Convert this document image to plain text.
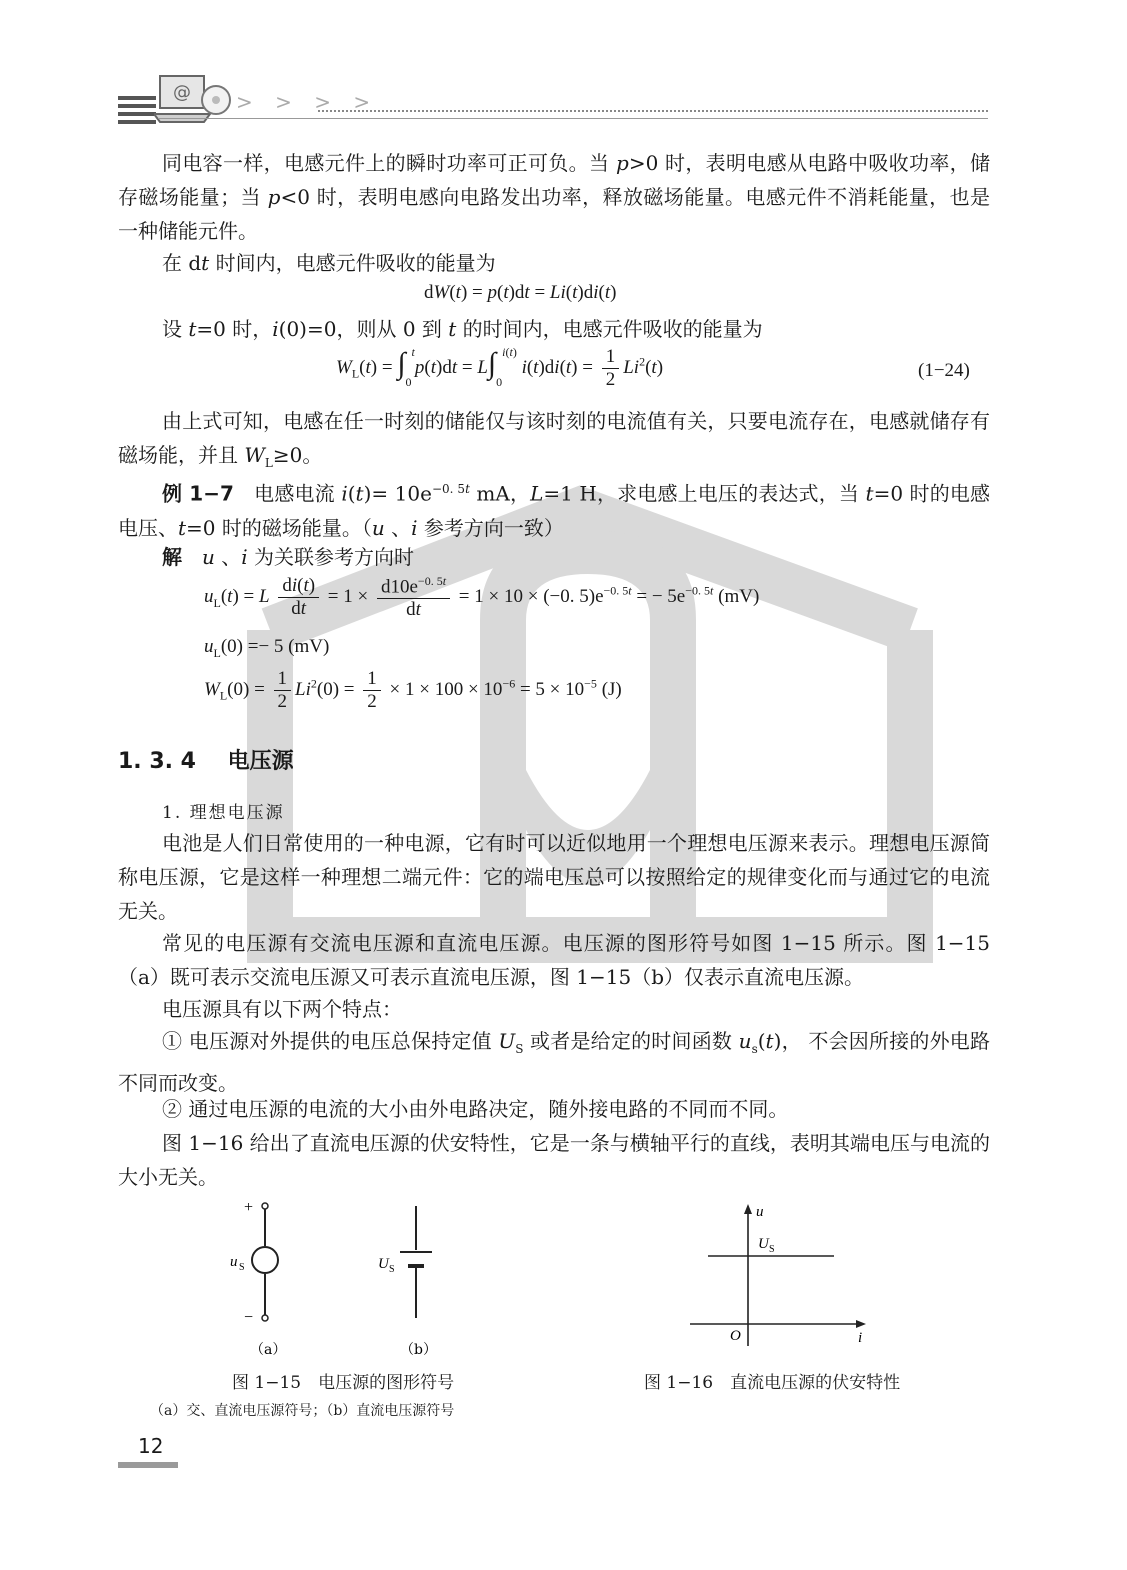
@ > > > >

同电容一样，电感元件上的瞬时功率可正可负。当 p>0 时，表明电感从电路中吸收功率，储存磁场能量；当 p<0 时，表明电感向电路发出功率，释放磁场能量。电感元件不消耗能量，也是一种储能元件。

在 dt 时间内，电感元件吸收的能量为

dW(t) = p(t)dt = Li(t)di(t)

设 t=0 时，i(0)=0，则从 0 到 t 的时间内，电感元件吸收的能量为

$W_L(t) = \int_0^tp(t)dt = L\int_0^{i(t)}$ $i(t)di(t) = \frac{1}{2} Li^2(t)$	(1−24)

由上式可知，电感在任一时刻的储能仅与该时刻的电流值有关，只要电流存在，电感就储存有磁场能，并且 $W_L\ge 0$。

例 1−7　电感电流 $i(t)= 10e^{-0. 5t}$ mA，L=1 H，求电感上电压的表达式，当 t=0 时的电感电压、t=0 时的磁场能量。（u 、i 参考方向一致）

解　 u 、i 为关联参考方向时

$u_L(t) = L \frac{di(t)}{dt} = 1 \times \frac{d10e^{-0. 5t}}{dt} = 1 \times 10 \times (-0$. $5)e^{-0. 5t}$ = − $5e^{-0. 5t}$ (mV)
$u_L(0) =- 5$ (mV)
$W_L(0) = \frac{1}{2} Li^2(0) = \frac{1}{2} \times 1 \times 100 \times 10^{-6} = 5 \times 10^{-5}$ (J)
1. 3. 4 电压源
1. 理想电压源

电池是人们日常使用的一种电源，它有时可以近似地用一个理想电压源来表示。理想电压源简称电压源，它是这样一种理想二端元件：它的端电压总可以按照给定的规律变化而与通过它的电流无关。

常见的电压源有交流电压源和直流电压源。电压源的图形符号如图 1−15 所示。图 1−15（a）既可表示交流电压源又可表示直流电压源，图 1−15（b）仅表示直流电压源。

电压源具有以下两个特点：

① 电压源对外提供的电压总保持定值 $U_S$ 或者是给定的时间函数 $u_s(t)$， 不会因所接的外电路不同而改变。

② 通过电压源的电流的大小由外电路决定，随外接电路的不同而不同。

图 1−16 给出了直流电压源的伏安特性，它是一条与横轴平行的直线，表明其端电压与电流的大小无关。

+
−
u S	U S
（a）	（b）
图 1−15　电压源的图形符号
（a）交、直流电压源符号；（b）直流电压源符号
u
i
O
U S
图 1−16　直流电压源的伏安特性
12
